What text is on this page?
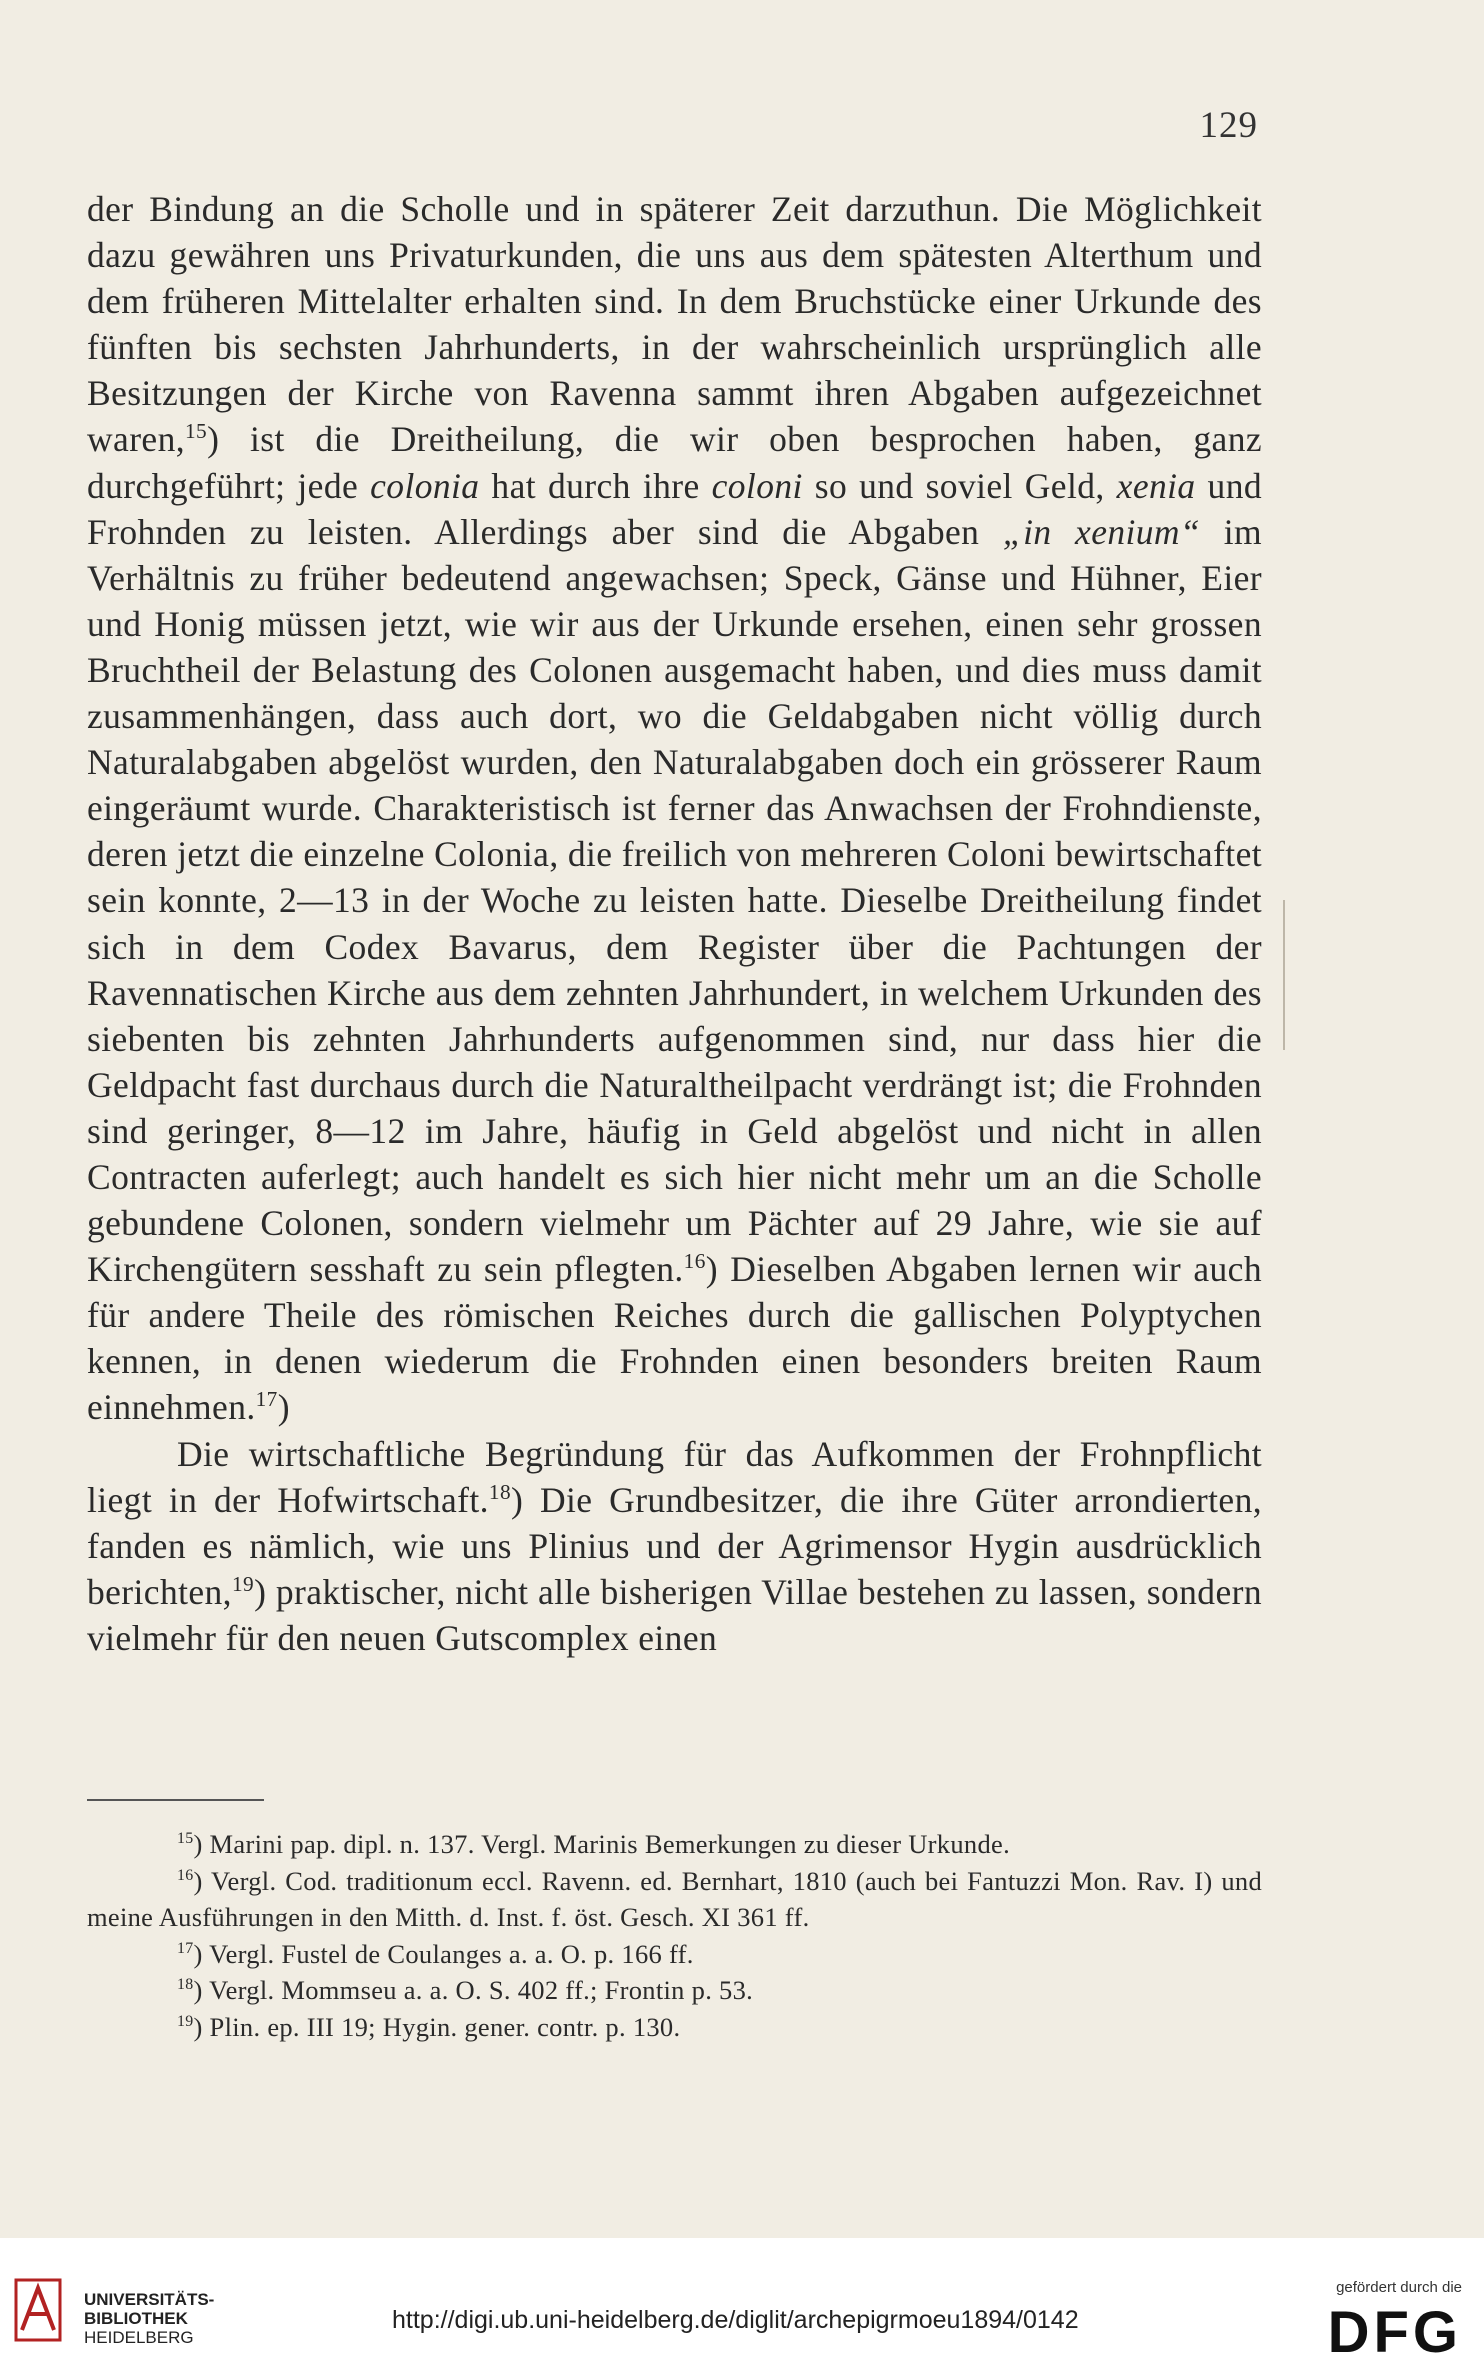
129

der Bindung an die Scholle und in späterer Zeit darzuthun. Die Möglichkeit dazu gewähren uns Privaturkunden, die uns aus dem spätesten Alterthum und dem früheren Mittelalter erhalten sind. In dem Bruchstücke einer Urkunde des fünften bis sechsten Jahrhunderts, in der wahrscheinlich ursprünglich alle Besitzungen der Kirche von Ravenna sammt ihren Abgaben aufgezeichnet waren,$^{15}$) ist die Dreitheilung, die wir oben besprochen haben, ganz durchgeführt; jede colonia hat durch ihre coloni so und soviel Geld, xenia und Frohnden zu leisten. Allerdings aber sind die Abgaben „in xenium“ im Verhältnis zu früher bedeutend angewachsen; Speck, Gänse und Hühner, Eier und Honig müssen jetzt, wie wir aus der Urkunde ersehen, einen sehr grossen Bruchtheil der Belastung des Colonen ausgemacht haben, und dies muss damit zusammenhängen, dass auch dort, wo die Geldabgaben nicht völlig durch Naturalabgaben abgelöst wurden, den Naturalabgaben doch ein grösserer Raum eingeräumt wurde. Charakteristisch ist ferner das Anwachsen der Frohndienste, deren jetzt die einzelne Colonia, die freilich von mehreren Coloni bewirtschaftet sein konnte, 2—13 in der Woche zu leisten hatte. Dieselbe Dreitheilung findet sich in dem Codex Bavarus, dem Register über die Pachtungen der Ravennatischen Kirche aus dem zehnten Jahrhundert, in welchem Urkunden des siebenten bis zehnten Jahrhunderts aufgenommen sind, nur dass hier die Geldpacht fast durchaus durch die Naturaltheilpacht verdrängt ist; die Frohnden sind geringer, 8—12 im Jahre, häufig in Geld abgelöst und nicht in allen Contracten auferlegt; auch handelt es sich hier nicht mehr um an die Scholle gebundene Colonen, sondern vielmehr um Pächter auf 29 Jahre, wie sie auf Kirchengütern sesshaft zu sein pflegten.$^{16}$) Dieselben Abgaben lernen wir auch für andere Theile des römischen Reiches durch die gallischen Polyptychen kennen, in denen wiederum die Frohnden einen besonders breiten Raum einnehmen.$^{17}$)

Die wirtschaftliche Begründung für das Aufkommen der Frohnpflicht liegt in der Hofwirtschaft.$^{18}$) Die Grundbesitzer, die ihre Güter arrondierten, fanden es nämlich, wie uns Plinius und der Agrimensor Hygin ausdrücklich berichten,$^{19}$) praktischer, nicht alle bisherigen Villae bestehen zu lassen, sondern vielmehr für den neuen Gutscomplex einen

$^{15}$) Marini pap. dipl. n. 137. Vergl. Marinis Bemerkungen zu dieser Urkunde.

$^{16}$) Vergl. Cod. traditionum eccl. Ravenn. ed. Bernhart, 1810 (auch bei Fantuzzi Mon. Rav. I) und meine Ausführungen in den Mitth. d. Inst. f. öst. Gesch. XI 361 ff.

$^{17}$) Vergl. Fustel de Coulanges a. a. O. p. 166 ff.

$^{18}$) Vergl. Mommseu a. a. O. S. 402 ff.; Frontin p. 53.

$^{19}$) Plin. ep. III 19; Hygin. gener. contr. p. 130.

UNIVERSITÄTS-
BIBLIOTHEK
HEIDELBERG
http://digi.ub.uni-heidelberg.de/diglit/archepigrmoeu1894/0142
gefördert durch die
DFG
